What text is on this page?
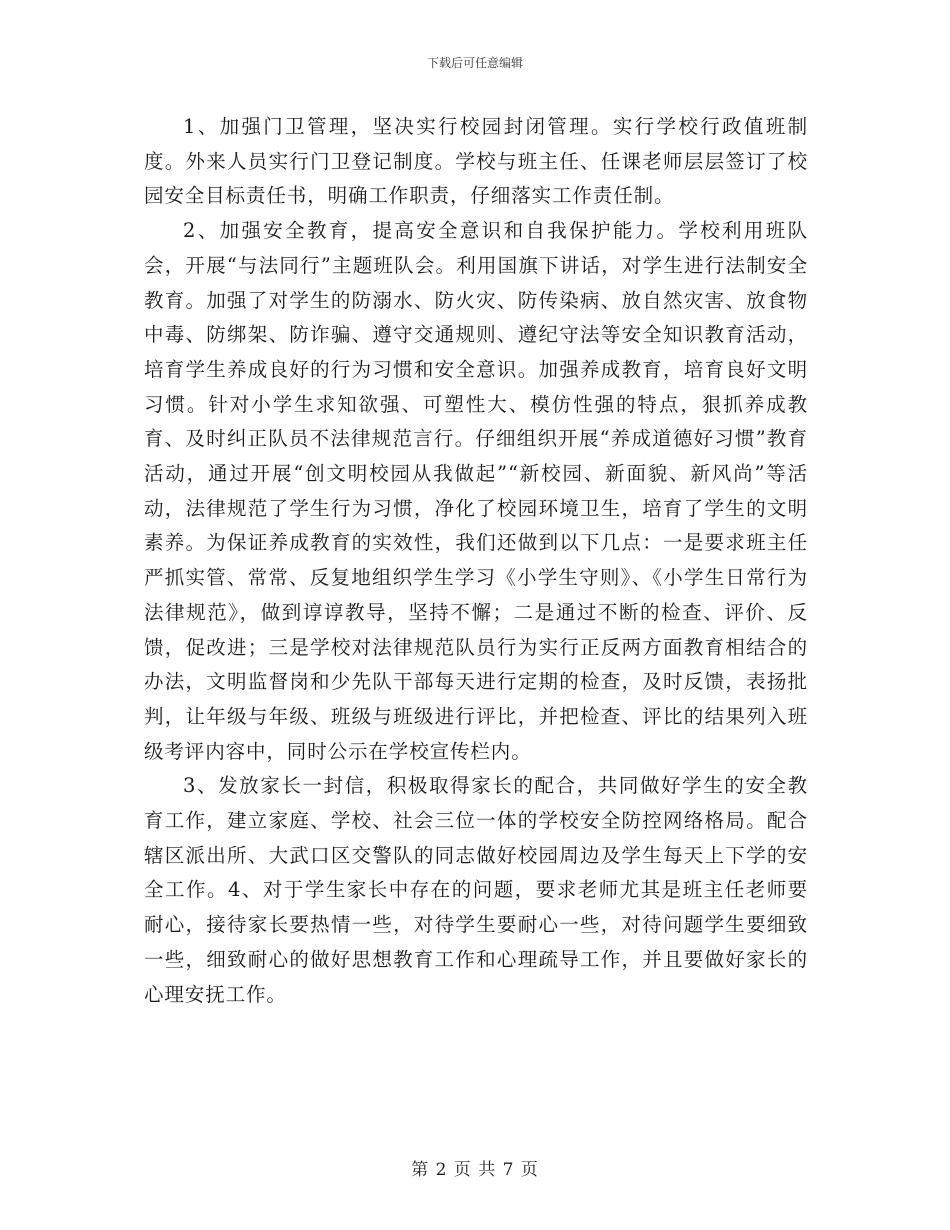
下载后可任意编辑

1、加强门卫管理，坚决实行校园封闭管理。实行学校行政值班制度。外来人员实行门卫登记制度。学校与班主任、任课老师层层签订了校园安全目标责任书，明确工作职责，仔细落实工作责任制。

2、加强安全教育，提高安全意识和自我保护能力。学校利用班队会，开展“与法同行”主题班队会。利用国旗下讲话，对学生进行法制安全教育。加强了对学生的防溺水、防火灾、防传染病、放自然灾害、放食物中毒、防绑架、防诈骗、遵守交通规则、遵纪守法等安全知识教育活动，培育学生养成良好的行为习惯和安全意识。加强养成教育，培育良好文明习惯。针对小学生求知欲强、可塑性大、模仿性强的特点，狠抓养成教育、及时纠正队员不法律规范言行。仔细组织开展“养成道德好习惯”教育活动，通过开展“创文明校园从我做起”“新校园、新面貌、新风尚”等活动，法律规范了学生行为习惯，净化了校园环境卫生，培育了学生的文明素养。为保证养成教育的实效性，我们还做到以下几点：一是要求班主任严抓实管、常常、反复地组织学生学习《小学生守则》、《小学生日常行为法律规范》，做到谆谆教导，坚持不懈；二是通过不断的检查、评价、反馈，促改进；三是学校对法律规范队员行为实行正反两方面教育相结合的办法，文明监督岗和少先队干部每天进行定期的检查，及时反馈，表扬批判，让年级与年级、班级与班级进行评比，并把检查、评比的结果列入班级考评内容中，同时公示在学校宣传栏内。

3、发放家长一封信，积极取得家长的配合，共同做好学生的安全教育工作，建立家庭、学校、社会三位一体的学校安全防控网络格局。配合辖区派出所、大武口区交警队的同志做好校园周边及学生每天上下学的安全工作。4、对于学生家长中存在的问题，要求老师尤其是班主任老师要耐心，接待家长要热情一些，对待学生要耐心一些，对待问题学生要细致一些，细致耐心的做好思想教育工作和心理疏导工作，并且要做好家长的心理安抚工作。

第 2 页 共 7 页
